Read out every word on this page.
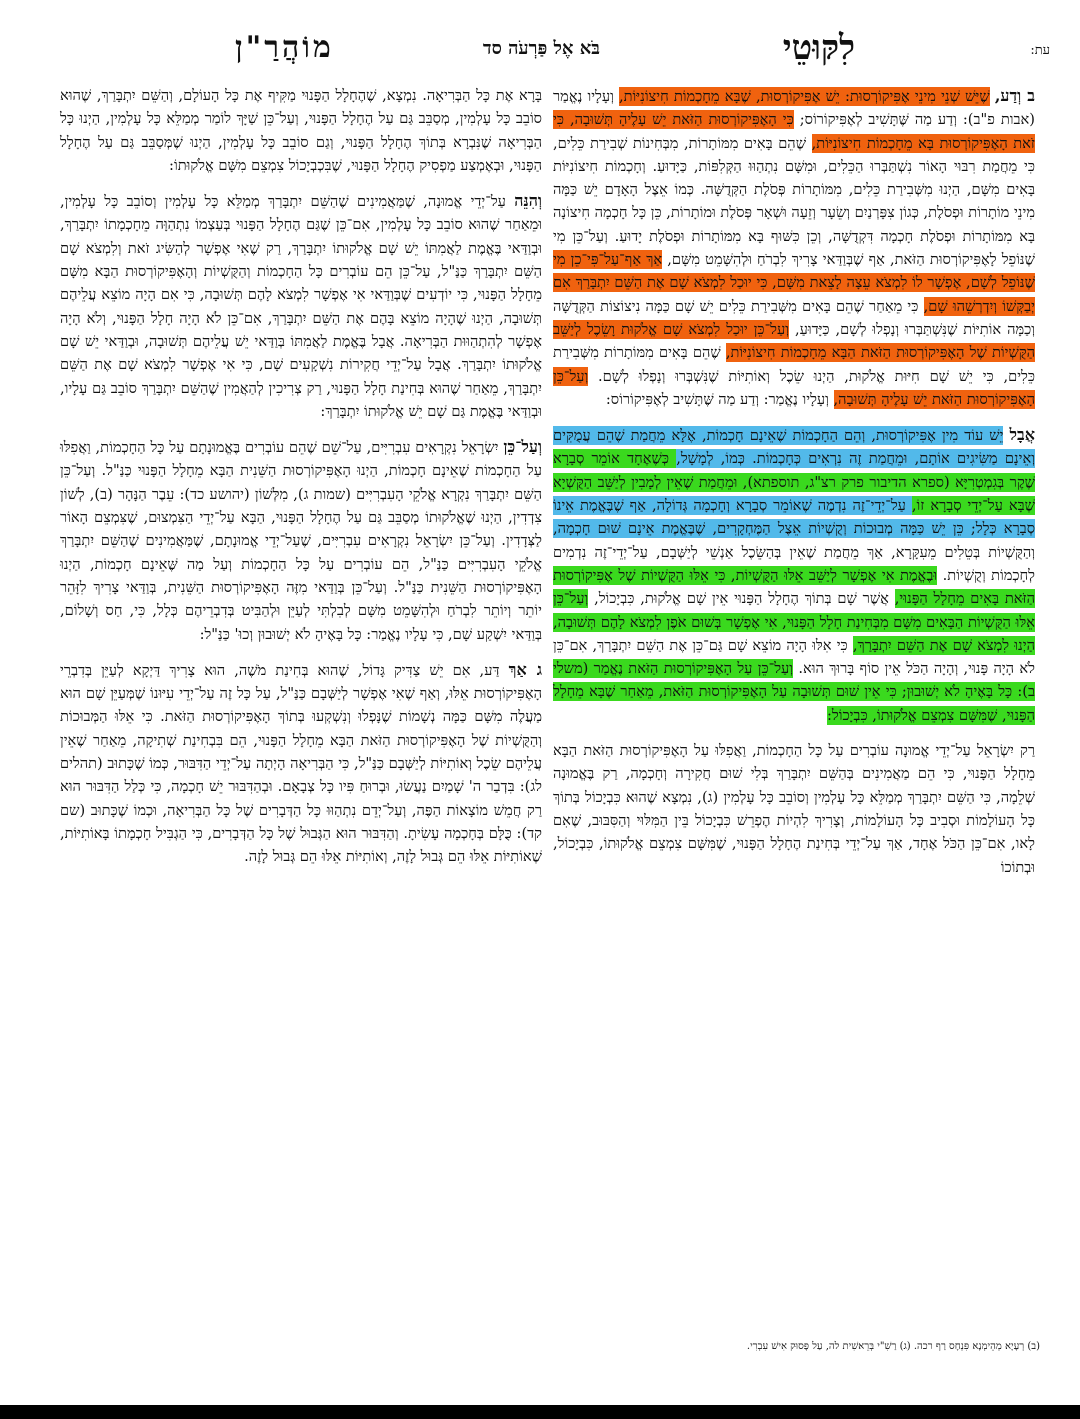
עת:
לִקּוּטֵי
בֹּא אֶל פַּרְעֹה סד
מוֹהֲרַ"ן

ב וְדַע, שֶׁיֵּשׁ שְׁנֵי מִינֵי אֶפִּיקוֹרְסוּת: יֵשׁ אֶפִּיקוֹרְסוּת, שֶׁבָּא מֵחָכְמוֹת חִיצוֹנִיּוֹת, וְעָלָיו נֶאֱמַר (אבות פ"ב): וְדַע מַה שֶּׁתָּשִׁיב לְאֶפִּיקוֹרוֹס; כִּי הָאֶפִּיקוֹרְסוּת הַזֹּאת יֵשׁ עָלֶיהָ תְּשׁוּבָה, כִּי זֹאת הָאֶפִּיקוֹרְסוּת בָּא מֵחָכְמוֹת חִיצוֹנִיּוֹת, שֶׁהֵם בָּאִים מִמּוֹתָרוֹת, מִבְּחִינוֹת שְׁבִירַת כֵּלִים, כִּי מֵחֲמַת רִבּוּי הָאוֹר נִשְׁתַּבְּרוּ הַכֵּלִים, וּמִשָּׁם נִתְהַוּוּ הַקְּלִפּוֹת, כַּיָּדוּעַ. וְחָכְמוֹת חִיצוֹנִיּוֹת בָּאִים מִשָּׁם, הַיְנוּ מִשְּׁבִירַת כֵּלִים, מִמּוֹתָרוֹת פְּסֹלֶת הַקְּדֻשָּׁה. כְּמוֹ אֵצֶל הָאָדָם יֵשׁ כַּמָּה מִינֵי מוֹתָרוֹת וּפְסֹלֶת, כְּגוֹן צִפָּרְנַיִם וְשֵׂעָר וְזֵעָה וּשְׁאָר פְּסֹלֶת וּמוֹתָרוֹת, כֵּן כָּל חָכְמָה חִיצוֹנָה בָּא מִמּוֹתָרוֹת וּפְסֹלֶת חָכְמָה דִּקְדֻשָּׁה, וְכֵן כִּשּׁוּף בָּא מִמּוֹתָרוֹת וּפְסֹלֶת יָדוּעַ. וְעַל־כֵּן מִי שֶׁנּוֹפֵל לָאֶפִּיקוֹרְסוּת הַזֹּאת, אַף שֶׁבְּוַדַּאי צָרִיךְ לִבְרֹחַ וּלְהִשָּׁמֵט מִשָּׁם, אַךְ אַף־עַל־פִּי־כֵן מִי שֶׁנּוֹפֵל לְשָׁם, אֶפְשָׁר לוֹ לִמְצֹא עֵצָה לָצֵאת מִשָּׁם, כִּי יוּכַל לִמְצֹא שָׁם אֶת הַשֵּׁם יִתְבָּרַךְ אִם יְבַקְּשׁוֹ וְיִדְרְשֵׁהוּ שָׁם, כִּי מֵאַחַר שֶׁהֵם בָּאִים מִשְּׁבִירַת כֵּלִים יֵשׁ שָׁם כַּמָּה נִיצוֹצוֹת הַקְּדֻשָּׁה וְכַמָּה אוֹתִיּוֹת שֶׁנִּשְׁתַּבְּרוּ וְנָפְלוּ לְשָׁם, כַּיָּדוּעַ, וְעַל־כֵּן יוּכַל לִמְצֹא שָׁם אֱלֹקוּת וָשֵׂכֶל לְיַשֵּׁב הַקֻּשְׁיוֹת שֶׁל הָאֶפִּיקוֹרְסוּת הַזֹּאת הַבָּא מֵחָכְמוֹת חִיצוֹנִיּוֹת, שֶׁהֵם בָּאִים מִמּוֹתָרוֹת מִשְּׁבִירַת כֵּלִים, כִּי יֵשׁ שָׁם חִיּוּת אֱלֹקוּת, הַיְנוּ שֵׂכֶל וְאוֹתִיּוֹת שֶׁנִּשְׁבְּרוּ וְנָפְלוּ לְשָׁם. וְעַל־כֵּן הָאֶפִּיקוֹרְסוּת הַזֹּאת יֵשׁ עָלֶיהָ תְּשׁוּבָה, וְעָלָיו נֶאֱמַר: וְדַע מַה שֶּׁתָּשִׁיב לְאֶפִּיקוֹרוֹס:

אֲבָל יֵשׁ עוֹד מִין אֶפִּיקוֹרְסוּת, וְהֵם הַחָכְמוֹת שֶׁאֵינָם חָכְמוֹת, אֶלָּא מֵחֲמַת שֶׁהֵם עֲמֻקִּים וְאֵינָם מַשִּׂיגִים אוֹתָם, וּמֵחֲמַת זֶה נִרְאִים כְּחָכְמוֹת. כְּמוֹ, לְמָשָׁל, כְּשֶׁאֶחָד אוֹמֵר סְבָרָא שֶׁקֶר בְּגִמְטְרִיָּא (ספרא הדיבור פרק רצ"ג, תוספתא), וּמֵחֲמַת שֶׁאֵין לְמָבִין לְיַשֵּׁב הַקֻּשְׁיָא שֶׁבָּא עַל־יְדֵי סְבָרָא זוֹ, עַל־יְדֵי־זֶה נִדְמֶה שֶׁאוֹמֵר סְבָרָא וְחָכְמָה גְּדוֹלָה, אַף שֶׁבֶּאֱמֶת אֵינוֹ סְבָרָא כְּלָל; כֵּן יֵשׁ כַּמָּה מְבוּכוֹת וְקֻשְׁיוֹת אֵצֶל הַמֶּחְקָרִים, שֶׁבֶּאֱמֶת אֵינָם שׁוּם חָכְמָה, וְהַקֻּשְׁיוֹת בְּטֵלִים מֵעִקָּרָא, אַךְ מֵחֲמַת שֶׁאֵין בְּהַשֵּׂכֶל אַנְשֵׁי לְיַשְּׁבָם, עַל־יְדֵי־זֶה נִדְמִים לְחָכְמוֹת וְקֻשְׁיוֹת. וּבֶאֱמֶת אִי אֶפְשָׁר לְיַשֵּׁב אֵלּוּ הַקֻּשְׁיוֹת, כִּי אֵלּוּ הַקֻּשְׁיוֹת שֶׁל אֶפִּיקוֹרְסוּת הַזֹּאת בָּאִים מֵחָלָל הַפָּנוּי, אֲשֶׁר שָׁם בְּתוֹךְ הֶחָלָל הַפָּנוּי אֵין שָׁם אֱלֹקוּת, כִּבְיָכוֹל, וְעַל־כֵּן אֵלּוּ הַקֻּשְׁיוֹת הַבָּאִים מִשָּׁם מִבְּחִינַת חָלָל הַפָּנוּי, אִי אֶפְשָׁר בְּשׁוּם אֹפֶן לִמְצֹא לָהֶם תְּשׁוּבָה, הַיְנוּ לִמְצֹא שָׁם אֶת הַשֵּׁם יִתְבָּרַךְ, כִּי אִלּוּ הָיָה מוֹצֵא שָׁם גַּם־כֵּן אֶת הַשֵּׁם יִתְבָּרַךְ, אִם־כֵּן לֹא הָיָה פָּנוּי, וְהָיָה הַכֹּל אֵין סוֹף בָּרוּךְ הוּא. וְעַל־כֵּן עַל הָאֶפִּיקוֹרְסוּת הַזֹּאת נֶאֱמַר (משלי ב): כָּל בָּאֶיהָ לֹא יְשׁוּבוּן; כִּי אֵין שׁוּם תְּשׁוּבָה עַל הָאֶפִּיקוֹרְסוּת הַזֹּאת, מֵאַחַר שֶׁבָּא מֵחָלָל הַפָּנוּי, שֶׁמִּשָּׁם צִמְצֵם אֱלֹקוּתוֹ, כִּבְיָכוֹל:

רַק יִשְׂרָאֵל עַל־יְדֵי אֱמוּנָה עוֹבְרִים עַל כָּל הַחָכְמוֹת, וַאֲפִלּוּ עַל הָאֶפִּיקוֹרְסוּת הַזֹּאת הַבָּא מֵחָלָל הַפָּנוּי, כִּי הֵם מַאֲמִינִים בְּהַשֵּׁם יִתְבָּרַךְ בְּלִי שׁוּם חֲקִירָה וְחָכְמָה, רַק בֶּאֱמוּנָה שְׁלֵמָה, כִּי הַשֵּׁם יִתְבָּרַךְ מְמַלֵּא כָּל עָלְמִין וְסוֹבֵב כָּל עָלְמִין (ג), נִמְצָא שֶׁהוּא כִּבְיָכוֹל בְּתוֹךְ כָּל הָעוֹלָמוֹת וּסְבִיב כָּל הָעוֹלָמוֹת, וְצָרִיךְ לִהְיוֹת הֶפְרֵשׁ כִּבְיָכוֹל בֵּין הַמִּלּוּי וְהַסִּבּוּב, שֶׁאִם לָאו, אִם־כֵּן הַכֹּל אֶחָד, אַךְ עַל־יְדֵי בְּחִינַת הֶחָלָל הַפָּנוּי, שֶׁמִּשָּׁם צִמְצֵם אֱלֹקוּתוֹ, כִּבְיָכוֹל, וּבְתוֹכוֹ

בָּרָא אֶת כָּל הַבְּרִיאָה. נִמְצָא, שֶׁהֶחָלָל הַפָּנוּי מַקִּיף אֶת כָּל הָעוֹלָם, וְהַשֵּׁם יִתְבָּרַךְ, שֶׁהוּא סוֹבֵב כָּל עָלְמִין, מְסַבֵּב גַּם עַל הֶחָלָל הַפָּנוּי, וְעַל־כֵּן שַׁיָּךְ לוֹמַר מְמַלֵּא כָּל עָלְמִין, הַיְנוּ כָּל הַבְּרִיאָה שֶׁנִּבְרָא בְּתוֹךְ הֶחָלָל הַפָּנוּי, וְגַם סוֹבֵב כָּל עָלְמִין, הַיְנוּ שֶׁמְּסַבֵּב גַּם עַל הֶחָלָל הַפָּנוּי, וּבְאֶמְצַע מַפְסִיק הֶחָלָל הַפָּנוּי, שֶׁבִּכְבְיָכוֹל צִמְצֵם מִשָּׁם אֱלֹקוּתוֹ:

וְהִנֵּה עַל־יְדֵי אֱמוּנָה, שֶׁמַּאֲמִינִים שֶׁהַשֵּׁם יִתְבָּרַךְ מְמַלֵּא כָּל עָלְמִין וְסוֹבֵב כָּל עָלְמִין, וּמֵאַחַר שֶׁהוּא סוֹבֵב כָּל עָלְמִין, אִם־כֵּן שֶׁגַּם הֶחָלָל הַפָּנוּי בְּעַצְמוֹ נִתְהַוָּה מֵחָכְמָתוֹ יִתְבָּרַךְ, וּבְוַדַּאי בֶּאֱמֶת לַאֲמִתּוֹ יֵשׁ שָׁם אֱלֹקוּתוֹ יִתְבָּרַךְ, רַק שֶׁאִי אֶפְשָׁר לְהַשִּׂיג זֹאת וְלִמְצֹא שָׁם הַשֵּׁם יִתְבָּרַךְ כַּנַּ"ל, עַל־כֵּן הֵם עוֹבְרִים כָּל הַחָכְמוֹת וְהַקֻּשְׁיוֹת וְהָאֶפִּיקוֹרְסוּת הַבָּא מִשָּׁם מֵחָלָל הַפָּנוּי, כִּי יוֹדְעִים שֶׁבְּוַדַּאי אִי אֶפְשָׁר לִמְצֹא לָהֶם תְּשׁוּבָה, כִּי אִם הָיָה מוֹצֵא עֲלֵיהֶם תְּשׁוּבָה, הַיְנוּ שֶׁהָיָה מוֹצֵא בָּהֶם אֶת הַשֵּׁם יִתְבָּרַךְ, אִם־כֵּן לֹא הָיָה חָלָל הַפָּנוּי, וְלֹא הָיָה אֶפְשָׁר לְהִתְהַוּוּת הַבְּרִיאָה. אֲבָל בֶּאֱמֶת לַאֲמִתּוֹ בְּוַדַּאי יֵשׁ עֲלֵיהֶם תְּשׁוּבָה, וּבְוַדַּאי יֵשׁ שָׁם אֱלֹקוּתוֹ יִתְבָּרַךְ. אֲבָל עַל־יְדֵי חֲקִירוֹת נִשְׁקָעִים שָׁם, כִּי אִי אֶפְשָׁר לִמְצֹא שָׁם אֶת הַשֵּׁם יִתְבָּרַךְ, מֵאַחַר שֶׁהוּא בְּחִינַת חָלָל הַפָּנוּי, רַק צְרִיכִין לְהַאֲמִין שֶׁהַשֵּׁם יִתְבָּרַךְ סוֹבֵב גַּם עָלָיו, וּבְוַדַּאי בֶּאֱמֶת גַּם שָׁם יֵשׁ אֱלֹקוּתוֹ יִתְבָּרַךְ:

וְעַל־כֵּן יִשְׂרָאֵל נִקְרָאִים עִבְרִיִּים, עַל־שֵׁם שֶׁהֵם עוֹבְרִים בֶּאֱמוּנָתָם עַל כָּל הַחָכְמוֹת, וַאֲפִלּוּ עַל הַחָכְמוֹת שֶׁאֵינָם חָכְמוֹת, הַיְנוּ הָאֶפִּיקוֹרְסוּת הַשֵּׁנִית הַבָּא מֵחָלָל הַפָּנוּי כַּנַּ"ל. וְעַל־כֵּן הַשֵּׁם יִתְבָּרַךְ נִקְרָא אֱלֹקֵי הָעִבְרִיִּים (שמות ג), מִלְּשׁוֹן (יהושע כד): עֵבֶר הַנָּהָר (ב), לְשׁוֹן צִדְדִין, הַיְנוּ שֶׁאֱלֹקוּתוֹ מְסַבֵּב גַּם עַל הֶחָלָל הַפָּנוּי, הַבָּא עַל־יְדֵי הַצִּמְצוּם, שֶׁצִּמְצֵם הָאוֹר לַצְּדָדִין. וְעַל־כֵּן יִשְׂרָאֵל נִקְרָאִים עִבְרִיִּים, שֶׁעַל־יְדֵי אֱמוּנָתָם, שֶׁמַּאֲמִינִים שֶׁהַשֵּׁם יִתְבָּרַךְ אֱלֹקֵי הָעִבְרִיִּים כַּנַּ"ל, הֵם עוֹבְרִים עַל כָּל הַחָכְמוֹת וְעַל מַה שֶּׁאֵינָם חָכְמוֹת, הַיְנוּ הָאֶפִּיקוֹרְסוּת הַשֵּׁנִית כַּנַּ"ל. וְעַל־כֵּן בְּוַדַּאי מִזֶּה הָאֶפִּיקוֹרְסוּת הַשֵּׁנִית, בְּוַדַּאי צָרִיךְ לִזָּהֵר יוֹתֵר וְיוֹתֵר לִבְרֹחַ וּלְהִשָּׁמֵט מִשָּׁם לְבִלְתִּי לְעַיֵּן וּלְהַבִּיט בְּדִבְרֵיהֶם כְּלָל, כִּי, חַס וְשָׁלוֹם, בְּוַדַּאי יִשְׁקַע שָׁם, כִּי עָלָיו נֶאֱמַר: כָּל בָּאֶיהָ לֹא יְשׁוּבוּן וְכוּ' כַּנַּ"ל:

ג אַךְ דַּע, אִם יֵשׁ צַדִּיק גָּדוֹל, שֶׁהוּא בְּחִינַת מֹשֶׁה, הוּא צָרִיךְ דַּיְקָא לְעַיֵּן בְּדִבְרֵי הָאֶפִּיקוֹרְסוּת אֵלּוּ, וְאַף שֶׁאִי אֶפְשָׁר לְיַשְּׁבָם כַּנַּ"ל, עַל כָּל זֶה עַל־יְדֵי עִיּוּנוֹ שֶׁמְּעַיֵּן שָׁם הוּא מַעֲלֶה מִשָּׁם כַּמָּה נְשָׁמוֹת שֶׁנָּפְלוּ וְנִשְׁקְעוּ בְּתוֹךְ הָאֶפִּיקוֹרְסוּת הַזֹּאת. כִּי אֵלּוּ הַמְּבוּכוֹת וְהַקֻּשְׁיוֹת שֶׁל הָאֶפִּיקוֹרְסוּת הַזֹּאת הַבָּא מֵחָלָל הַפָּנוּי, הֵם בִּבְחִינַת שְׁתִיקָה, מֵאַחַר שֶׁאֵין עֲלֵיהֶם שֵׂכֶל וְאוֹתִיּוֹת לְיַשְּׁבָם כַּנַּ"ל, כִּי הַבְּרִיאָה הָיְתָה עַל־יְדֵי הַדִּבּוּר, כְּמוֹ שֶׁכָּתוּב (תהלים לג): בִּדְבַר ה' שָׁמַיִם נַעֲשׂוּ, וּבְרוּחַ פִּיו כָּל צְבָאָם. וּבְהַדִּבּוּר יֵשׁ חָכְמָה, כִּי כְּלַל הַדִּבּוּר הוּא רַק חֲמֵשׁ מוֹצָאוֹת הַפֶּה, וְעַל־יְדֵם נִתְהַוּוּ כָּל הַדְּבָרִים שֶׁל כָּל הַבְּרִיאָה, וּכְמוֹ שֶׁכָּתוּב (שם קד): כֻּלָּם בְּחָכְמָה עָשִׂיתָ. וְהַדִּבּוּר הוּא הַגְּבוּל שֶׁל כָּל הַדְּבָרִים, כִּי הַגְבִּיל חָכְמָתוֹ בָּאוֹתִיּוֹת, שֶׁאוֹתִיּוֹת אֵלּוּ הֵם גְּבוּל לָזֶה, וְאוֹתִיּוֹת אֵלּוּ הֵם גְּבוּל לָזֶה.

(ב) רְעָיָא מְהֵימְנָא פִּנְחָס רַף רכה. (ג) רַשִׁ"י בְּרֵאשִׁית לה, עַל פָּסוּק אִישׁ עִבְרִי.
